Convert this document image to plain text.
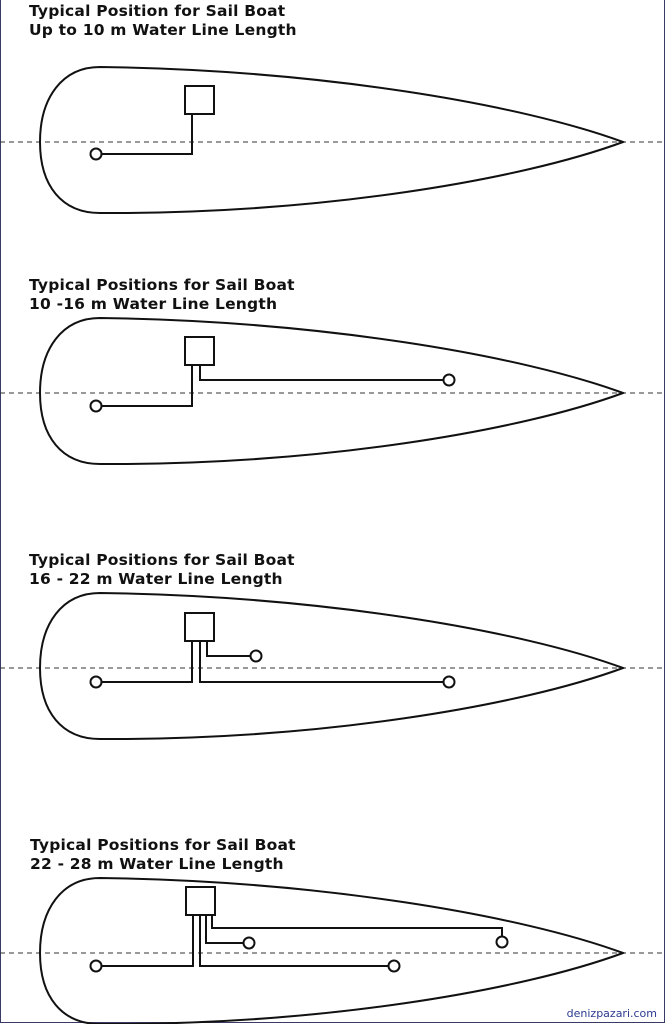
Typical Position for Sail Boat
Up to 10 m Water Line Length
Typical Positions for Sail Boat
10 -16 m Water Line Length
Typical Positions for Sail Boat
16 - 22 m Water Line Length
Typical Positions for Sail Boat
22 - 28 m Water Line Length
denizpazari.com
